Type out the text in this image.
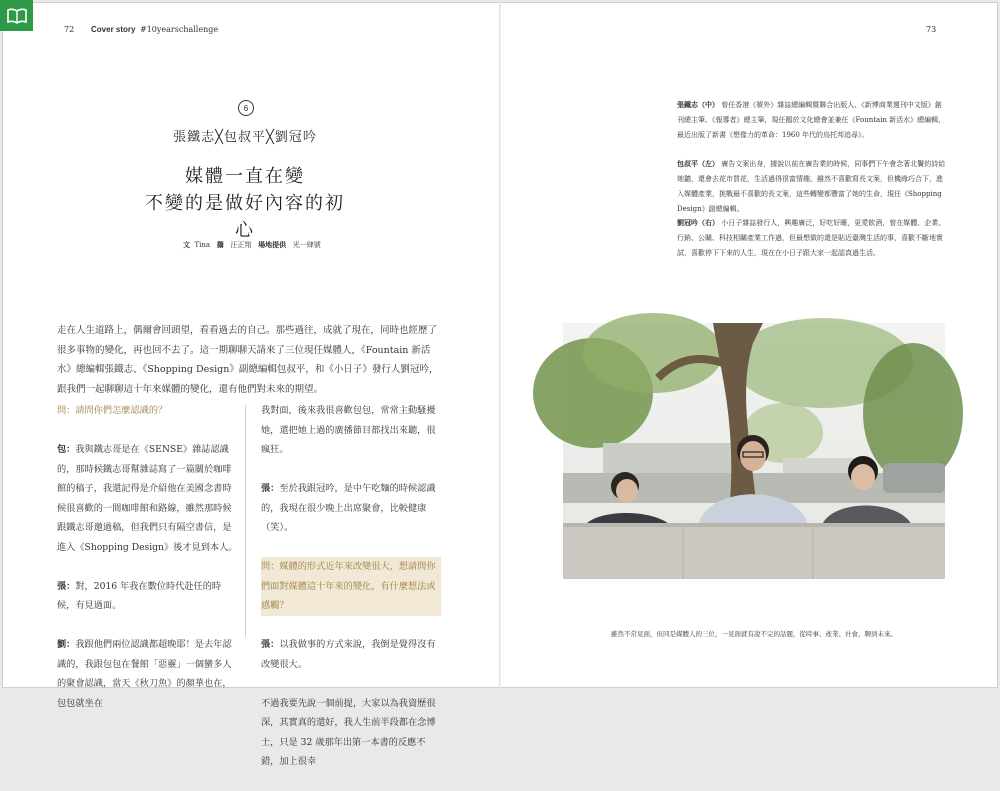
72 Cover story #10yearschallenge	73
6
張鐵志╳包叔平╳劉冠吟
媒體一直在變
不變的是做好內容的初心
文 Tina 攝 汪正翔 場地提供 光一肆號
走在人生道路上，偶爾會回頭望，看看過去的自己。那些過往，成就了現在，同時也經歷了很多事物的變化，再也回不去了。這一期聊聊天請來了三位現任媒體人，《Fountain 新活水》總編輯張鐵志、《Shopping Design》副總編輯包叔平，和《小日子》發行人劉冠吟，跟我們一起聊聊這十年來媒體的變化，還有他們對未來的期望。

問：請問你們怎麼認識的？

包：我與鐵志哥是在《SENSE》雜誌認識的，那時候鐵志哥幫雜誌寫了一篇關於咖啡館的稿子，我還記得是介紹他在美國念書時候很喜歡的一間咖啡館和路線，雖然那時候跟鐵志哥邀過稿，但我們只有隔空書信，是進入《Shopping Design》後才見到本人。

張：對，2016 年我在數位時代赴任的時候，有見過面。

劉：我跟他們兩位認識都超晚耶！是去年認識的，我跟包包在餐館「惡靈」一個蠻多人的聚會認識，當天《秋刀魚》的顏華也在，包包就坐在

我對面，後來我很喜歡包包，常常主動騷擾她，還把她上過的廣播節目都找出來聽，很瘋狂。

張：至於我跟冠吟，是中午吃麵的時候認識的，我現在很少晚上出席聚會，比較健康（笑）。

問：媒體的形式近年來改變很大，想請問你們面對媒體這十年來的變化，有什麼想法或感觸？

張：以我做事的方式來說，我倒是覺得沒有改變很大。

不過我要先說一個前提，大家以為我資歷很深，其實真的還好，我人生前半段都在念博士，只是 32 歲那年出第一本書的反應不錯，加上很幸

張鐵志（中） 曾任香港《號外》雜誌總編輯暨聯合出版人、《新博商業週刊中文版》創刊總主筆、《報導者》總主筆，現任鵝於文化總會並兼任《Fountain 新活水》總編輯，最近出版了新書《想像力的革命：1960 年代的烏托邦追尋》。
包叔平（左） 廣告文案出身，據說以前在廣告業的時候，同事們下午會念著北鬢的詩給她聽，還會去花市買花，生活過得很富情趣。雖然不喜歡寫長文案，但機緣巧合下，進入媒體產業，挑戰最不喜歡的長文案，這些轉變都豐富了她的生命，現任《Shopping Design》副總編輯。
劉冠吟（右） 小日子雜誌發行人，興趣廣泛，好吃好睡，更愛飲酒，曾在媒體、企業、行銷、公關、科技相關產業工作過，但最想做的還是貼近臺灣生活的事，喜歡不斷地實試，喜歡停下下來的人生，現在在小日子跟大家一起認真過生活。
雖然不常見面，但同是媒體人的三位，一見面就有說不完的話題，從時事、產業、社會，聊到未來。
